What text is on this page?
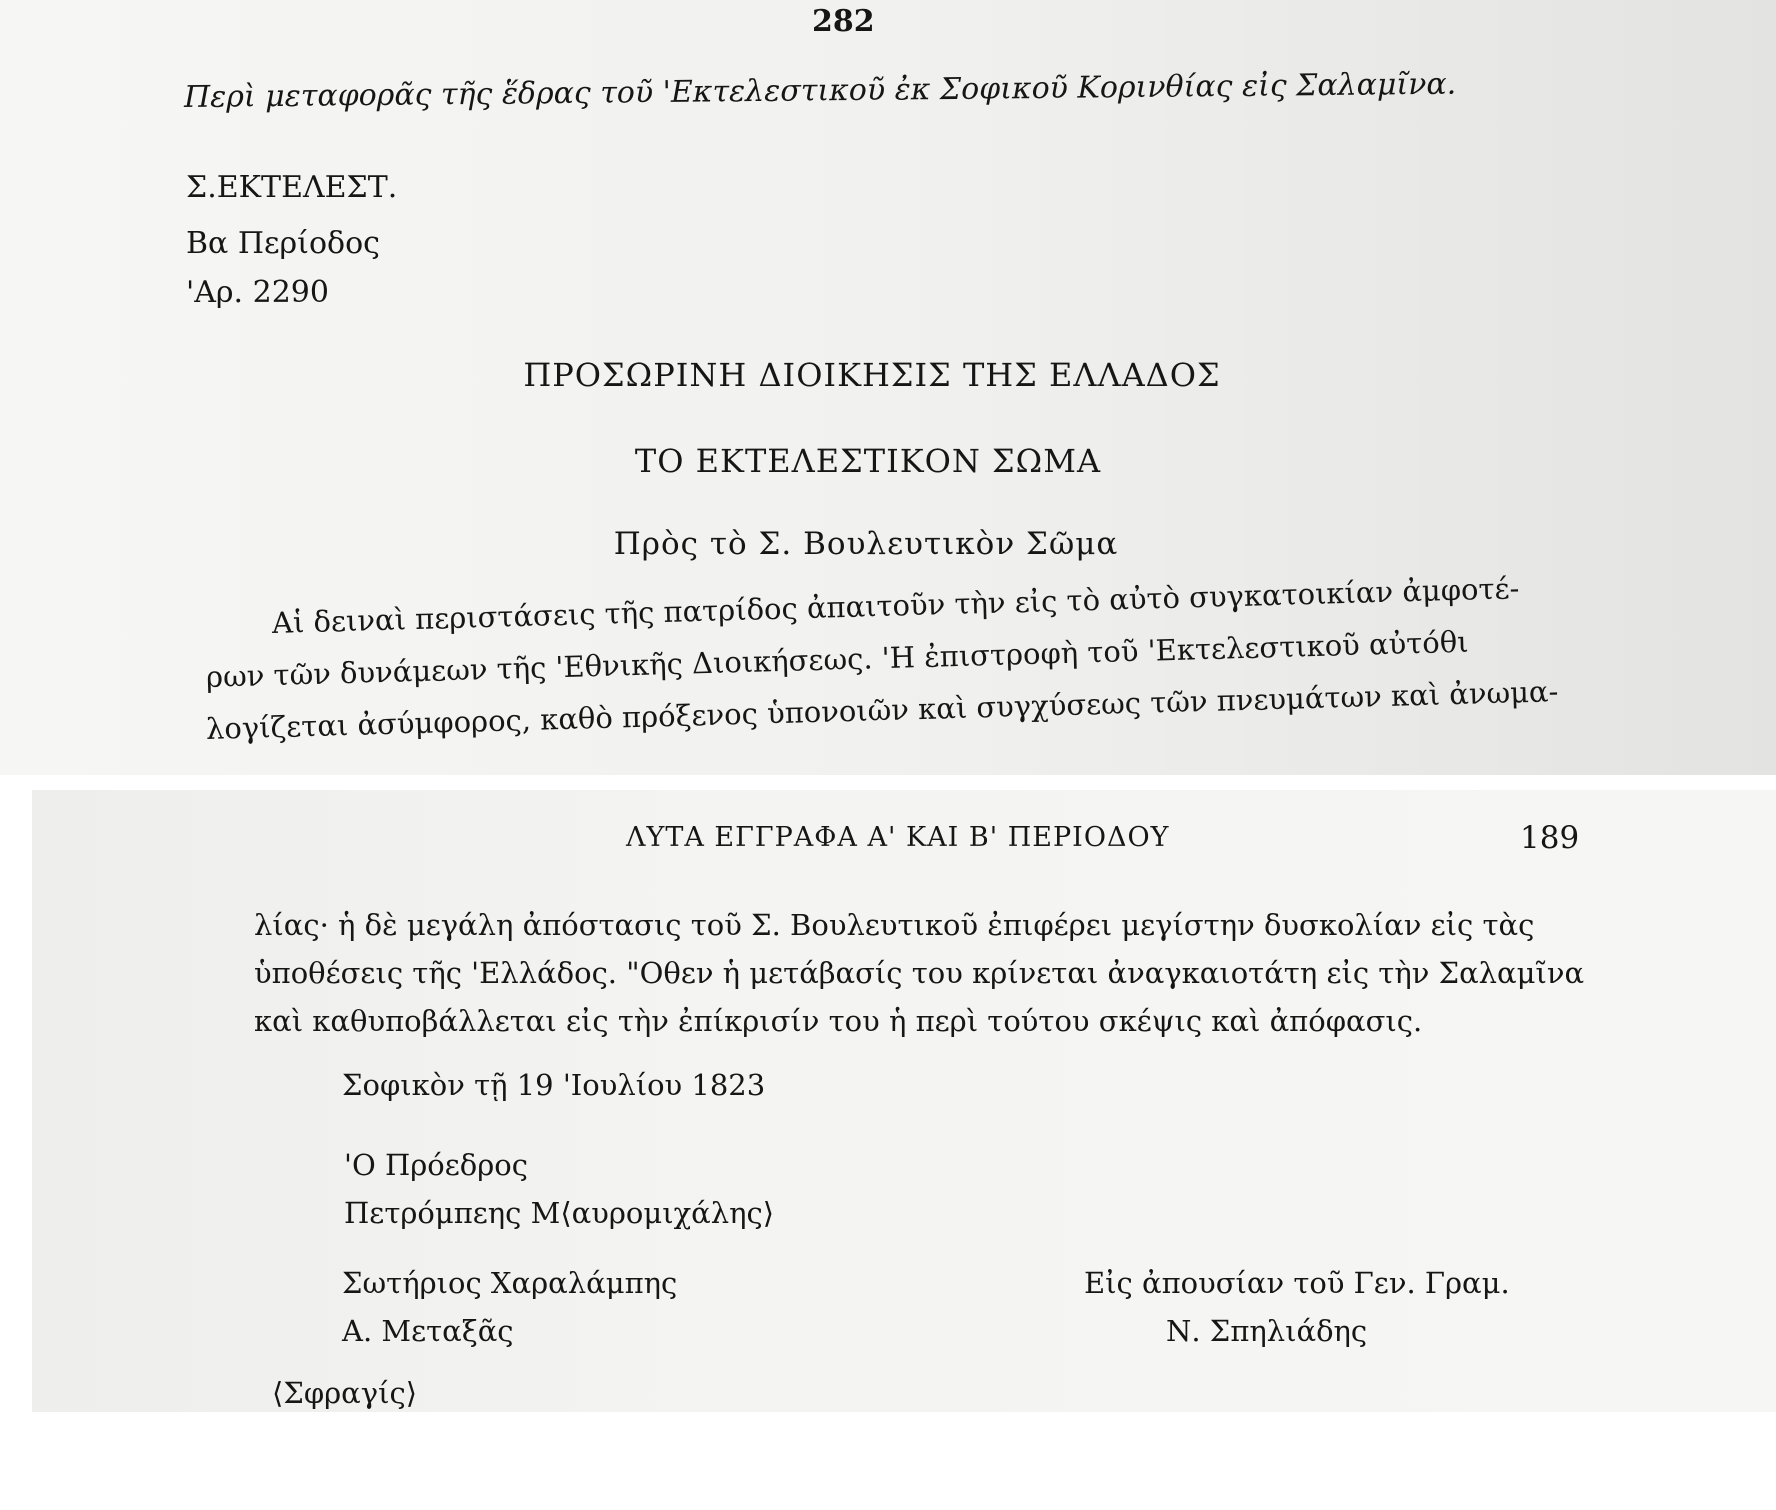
282
Περὶ μεταφορᾶς τῆς ἕδρας τοῦ 'Εκτελεστικοῦ ἐκ Σοφικοῦ Κορινθίας εἰς Σαλαμῖνα.
Σ.ΕΚΤΕΛΕΣΤ.
Βα Περίοδος
'Αρ. 2290
ΠΡΟΣΩΡΙΝΗ ΔΙΟΙΚΗΣΙΣ ΤΗΣ ΕΛΛΑΔΟΣ
ΤΟ ΕΚΤΕΛΕΣΤΙΚΟΝ ΣΩΜΑ
Πρὸς τὸ Σ. Βουλευτικὸν Σῶμα
Αἱ δειναὶ περιστάσεις τῆς πατρίδος ἀπαιτοῦν τὴν εἰς τὸ αὐτὸ συγκατοικίαν ἀμφοτέ-
ρων τῶν δυνάμεων τῆς 'Εθνικῆς Διοικήσεως. 'Η ἐπιστροφὴ τοῦ 'Εκτελεστικοῦ αὐτόθι
λογίζεται ἀσύμφορος, καθὸ πρόξενος ὑπονοιῶν καὶ συγχύσεως τῶν πνευμάτων καὶ ἀνωμα-
ΛΥΤΑ ΕΓΓΡΑΦΑ Α' ΚΑΙ Β' ΠΕΡΙΟΔΟΥ	189
λίας· ἡ δὲ μεγάλη ἀπόστασις τοῦ Σ. Βουλευτικοῦ ἐπιφέρει μεγίστην δυσκολίαν εἰς τὰς
ὑποθέσεις τῆς 'Ελλάδος. "Οθεν ἡ μετάβασίς του κρίνεται ἀναγκαιοτάτη εἰς τὴν Σαλαμῖνα
καὶ καθυποβάλλεται εἰς τὴν ἐπίκρισίν του ἡ περὶ τούτου σκέψις καὶ ἀπόφασις.
Σοφικὸν τῇ 19 'Ιουλίου 1823
'Ο Πρόεδρος
Πετρόμπεης Μ⟨αυρομιχάλης⟩
Σωτήριος Χαραλάμπης
Α. Μεταξᾶς
Εἰς ἀπουσίαν τοῦ Γεν. Γραμ.
Ν. Σπηλιάδης
⟨Σφραγίς⟩
